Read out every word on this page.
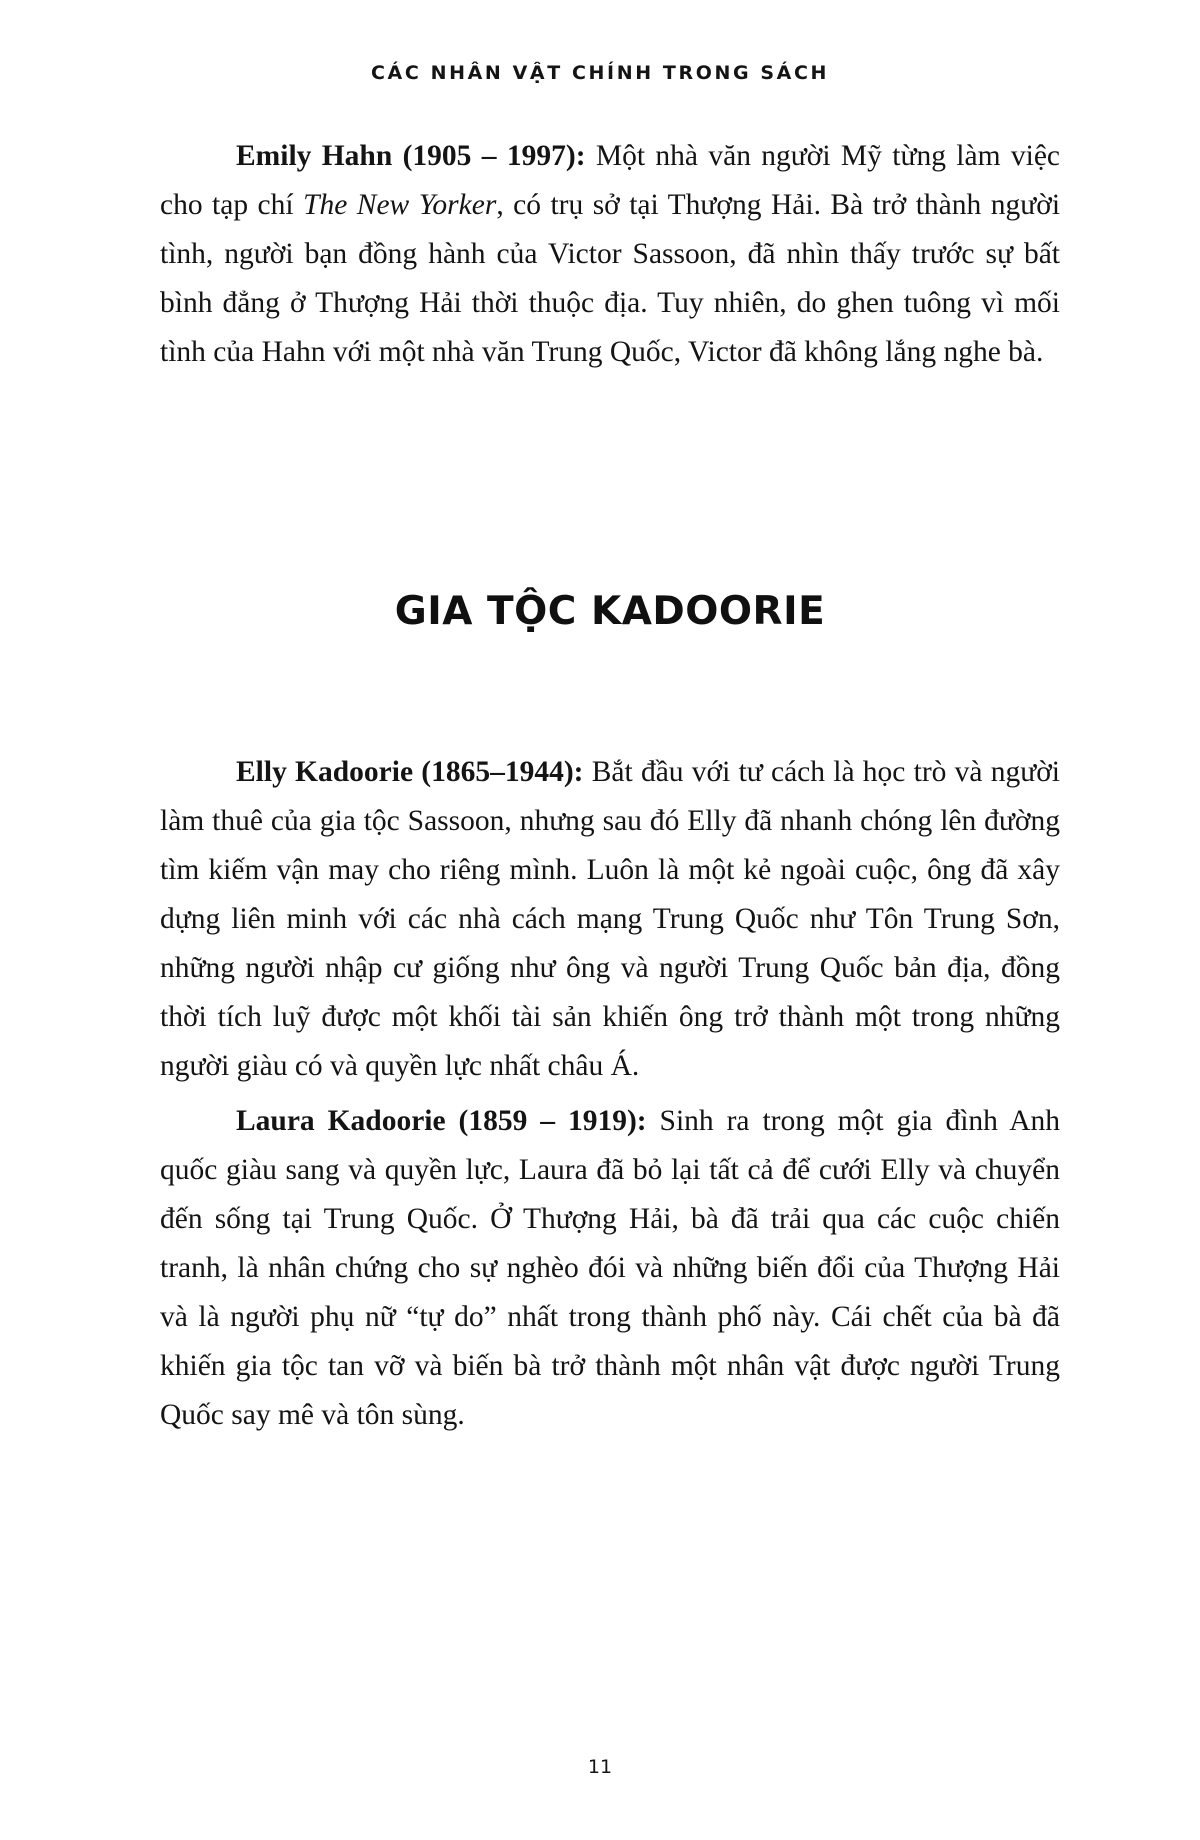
CÁC NHÂN VẬT CHÍNH TRONG SÁCH

Emily Hahn (1905 – 1997): Một nhà văn người Mỹ từng làm việc cho tạp chí The New Yorker, có trụ sở tại Thượng Hải. Bà trở thành người tình, người bạn đồng hành của Victor Sassoon, đã nhìn thấy trước sự bất bình đẳng ở Thượng Hải thời thuộc địa. Tuy nhiên, do ghen tuông vì mối tình của Hahn với một nhà văn Trung Quốc, Victor đã không lắng nghe bà.

GIA TỘC KADOORIE

Elly Kadoorie (1865–1944): Bắt đầu với tư cách là học trò và người làm thuê của gia tộc Sassoon, nhưng sau đó Elly đã nhanh chóng lên đường tìm kiếm vận may cho riêng mình. Luôn là một kẻ ngoài cuộc, ông đã xây dựng liên minh với các nhà cách mạng Trung Quốc như Tôn Trung Sơn, những người nhập cư giống như ông và người Trung Quốc bản địa, đồng thời tích luỹ được một khối tài sản khiến ông trở thành một trong những người giàu có và quyền lực nhất châu Á.

Laura Kadoorie (1859 – 1919): Sinh ra trong một gia đình Anh quốc giàu sang và quyền lực, Laura đã bỏ lại tất cả để cưới Elly và chuyển đến sống tại Trung Quốc. Ở Thượng Hải, bà đã trải qua các cuộc chiến tranh, là nhân chứng cho sự nghèo đói và những biến đổi của Thượng Hải và là người phụ nữ “tự do” nhất trong thành phố này. Cái chết của bà đã khiến gia tộc tan vỡ và biến bà trở thành một nhân vật được người Trung Quốc say mê và tôn sùng.

11
